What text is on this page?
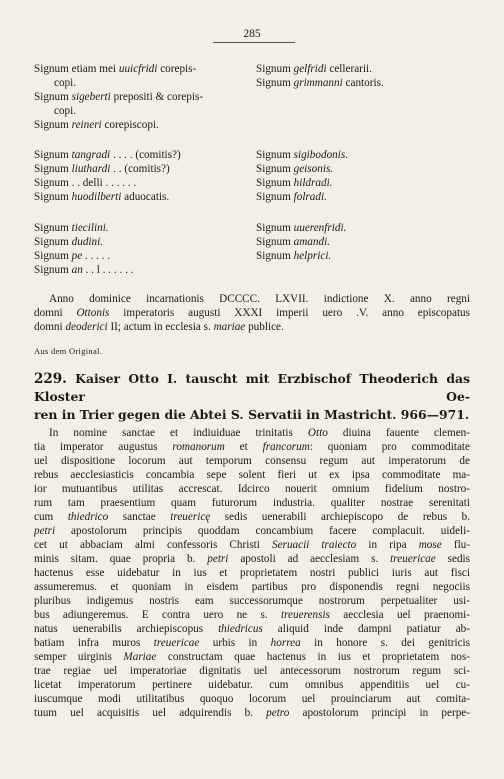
285
Signum etiam mei uuicfridi corepis-
copi.
Signum sigeberti prepositi & corepis-
copi.
Signum reineri corepiscopi.
Signum gelfridi cellerarii.
Signum grimmanni cantoris.
Signum tangradi . . . . (comitis?)
Signum liuthardi . . (comitis?)
Signum . . delli . . . . . .
Signum huodilberti aduocatis.
Signum sigibodonis.
Signum geisonis.
Signum hildradi.
Signum folradi.
Signum tiecilini.
Signum dudini.
Signum pe . . . . .
Signum an . . l . . . . . .
Signum uuerenfridi.
Signum amandi.
Signum helprici.
Anno dominice incarnationis DCCCC. LXVII. indictione X. anno regni
domni Ottonis imperatoris augusti XXXI imperii uero .V. anno episcopatus
domni deoderici II; actum in ecclesia s. mariae publice.
Aus dem Original.
229. Kaiser Otto I. tauscht mit Erzbischof Theoderich das Kloster Oe-
ren in Trier gegen die Abtei S. Servatii in Mastricht. 966—971.
In nomine sanctae et indiuiduae trinitatis Otto diuina fauente clemen-
tia imperator augustus romanorum et francorum: quoniam pro commoditate
uel dispositione locorum aut temporum consensu regum aut imperatorum de
rebus aecclesiasticis concambia sepe solent fieri ut ex ipsa commoditate ma-
ior mutuantibus utilitas accrescat. Idcirco nouerit omnium fidelium nostro-
rum tam praesentium quam futurorum industria. qualiter nostrae serenitati
cum thiedrico sanctae treuericę sedis uenerabili archiepiscopo de rebus b.
petri apostolorum principis quoddam concambium facere complacuit. uideli-
cet ut abbaciam almi confessoris Christi Seruacii traiecto in ripa mose flu-
minis sitam. quae propria b. petri apostoli ad aecclesiam s. treuericae sedis
hactenus esse uidebatur in ius et proprietatem nostri publici iuris aut fisci
assumeremus. et quoniam in eisdem partibus pro disponendis regni negociis
pluribus indigemus nostris eam successorumque nostrorum perpetualiter usi-
bus adiungeremus. E contra uero ne s. treuerensis aecclesia uel praenomi-
natus uenerabilis archiepiscopus thiedricus aliquid inde dampni patiatur ab-
batiam infra muros treuericae urbis in horrea in honore s. dei genitricis
semper uirginis Mariae constructam quae hactenus in ius et proprietatem nos-
trae regiae uel imperatoriae dignitatis uel antecessorum nostrorum regum sci-
licetat imperatorum pertinere uidebatur. cum omnibus appenditiis uel cu-
iuscumque modi utilitatibus quoquo locorum uel prouinciarum aut comita-
tuum uel acquisitis uel adquirendis b. petro apostolorum principi in perpe-
